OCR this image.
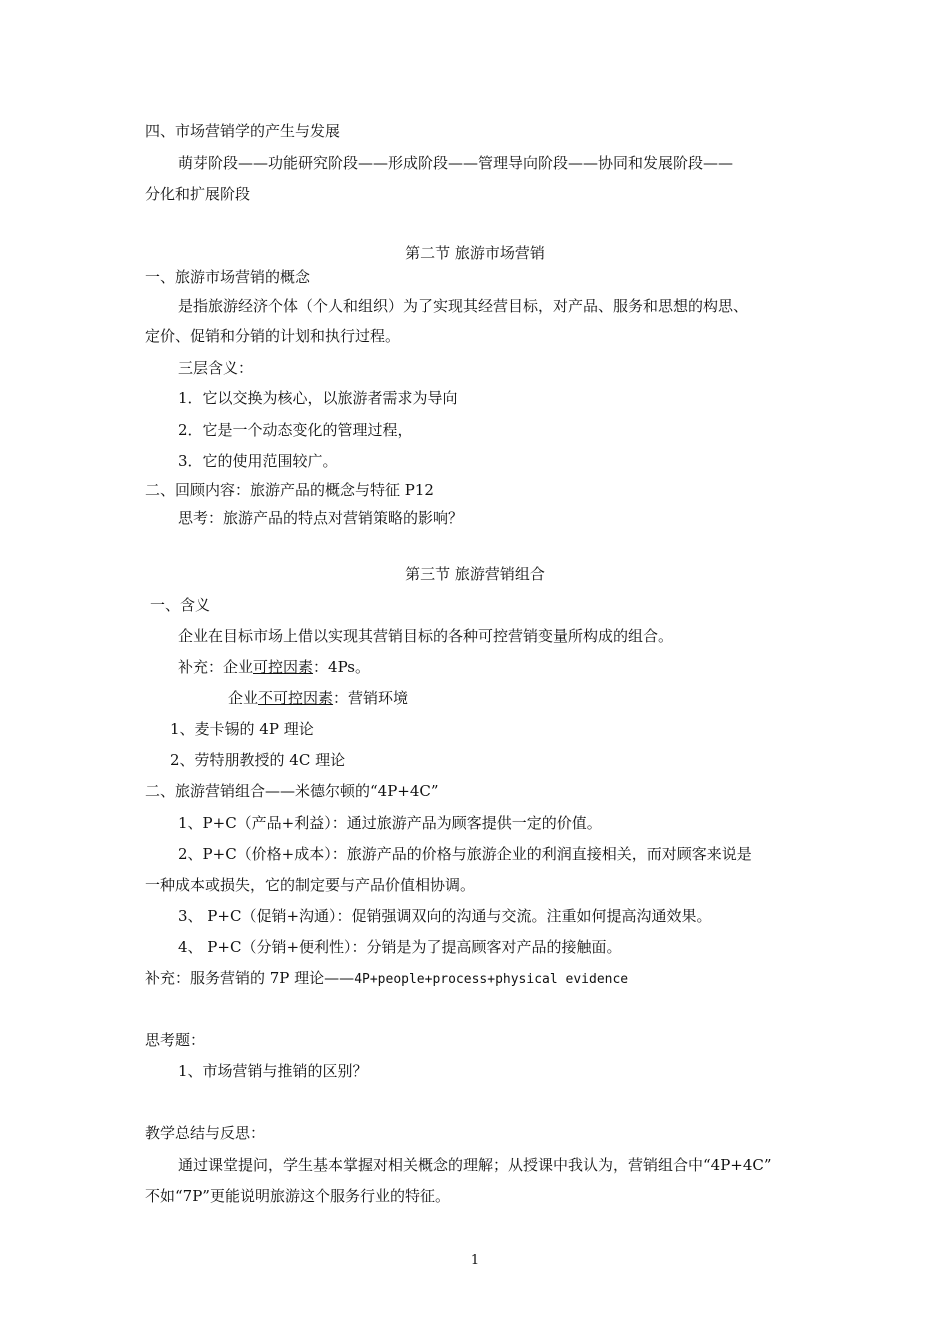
四、市场营销学的产生与发展
萌芽阶段——功能研究阶段——形成阶段——管理导向阶段——协同和发展阶段——
分化和扩展阶段
第二节 旅游市场营销
一、旅游市场营销的概念
是指旅游经济个体（个人和组织）为了实现其经营目标，对产品、服务和思想的构思、
定价、促销和分销的计划和执行过程。
三层含义：
1．它以交换为核心，以旅游者需求为导向
2．它是一个动态变化的管理过程，
3．它的使用范围较广。
二、回顾内容：旅游产品的概念与特征 P12
思考：旅游产品的特点对营销策略的影响？
第三节 旅游营销组合
一、含义
企业在目标市场上借以实现其营销目标的各种可控营销变量所构成的组合。
补充：企业可控因素：4Ps。
企业不可控因素：营销环境
1、麦卡锡的 4P 理论
2、劳特朋教授的 4C 理论
二、旅游营销组合——米德尔顿的“4P+4C”
1、P+C（产品+利益）：通过旅游产品为顾客提供一定的价值。
2、P+C（价格+成本）：旅游产品的价格与旅游企业的利润直接相关，而对顾客来说是
一种成本或损失，它的制定要与产品价值相协调。
3、 P+C（促销+沟通）：促销强调双向的沟通与交流。注重如何提高沟通效果。
4、 P+C（分销+便利性）：分销是为了提高顾客对产品的接触面。
补充：服务营销的 7P 理论——4P+people+process+physical evidence
思考题：
1、市场营销与推销的区别？
教学总结与反思：
通过课堂提问，学生基本掌握对相关概念的理解；从授课中我认为，营销组合中“4P+4C”
不如“7P”更能说明旅游这个服务行业的特征。
1
